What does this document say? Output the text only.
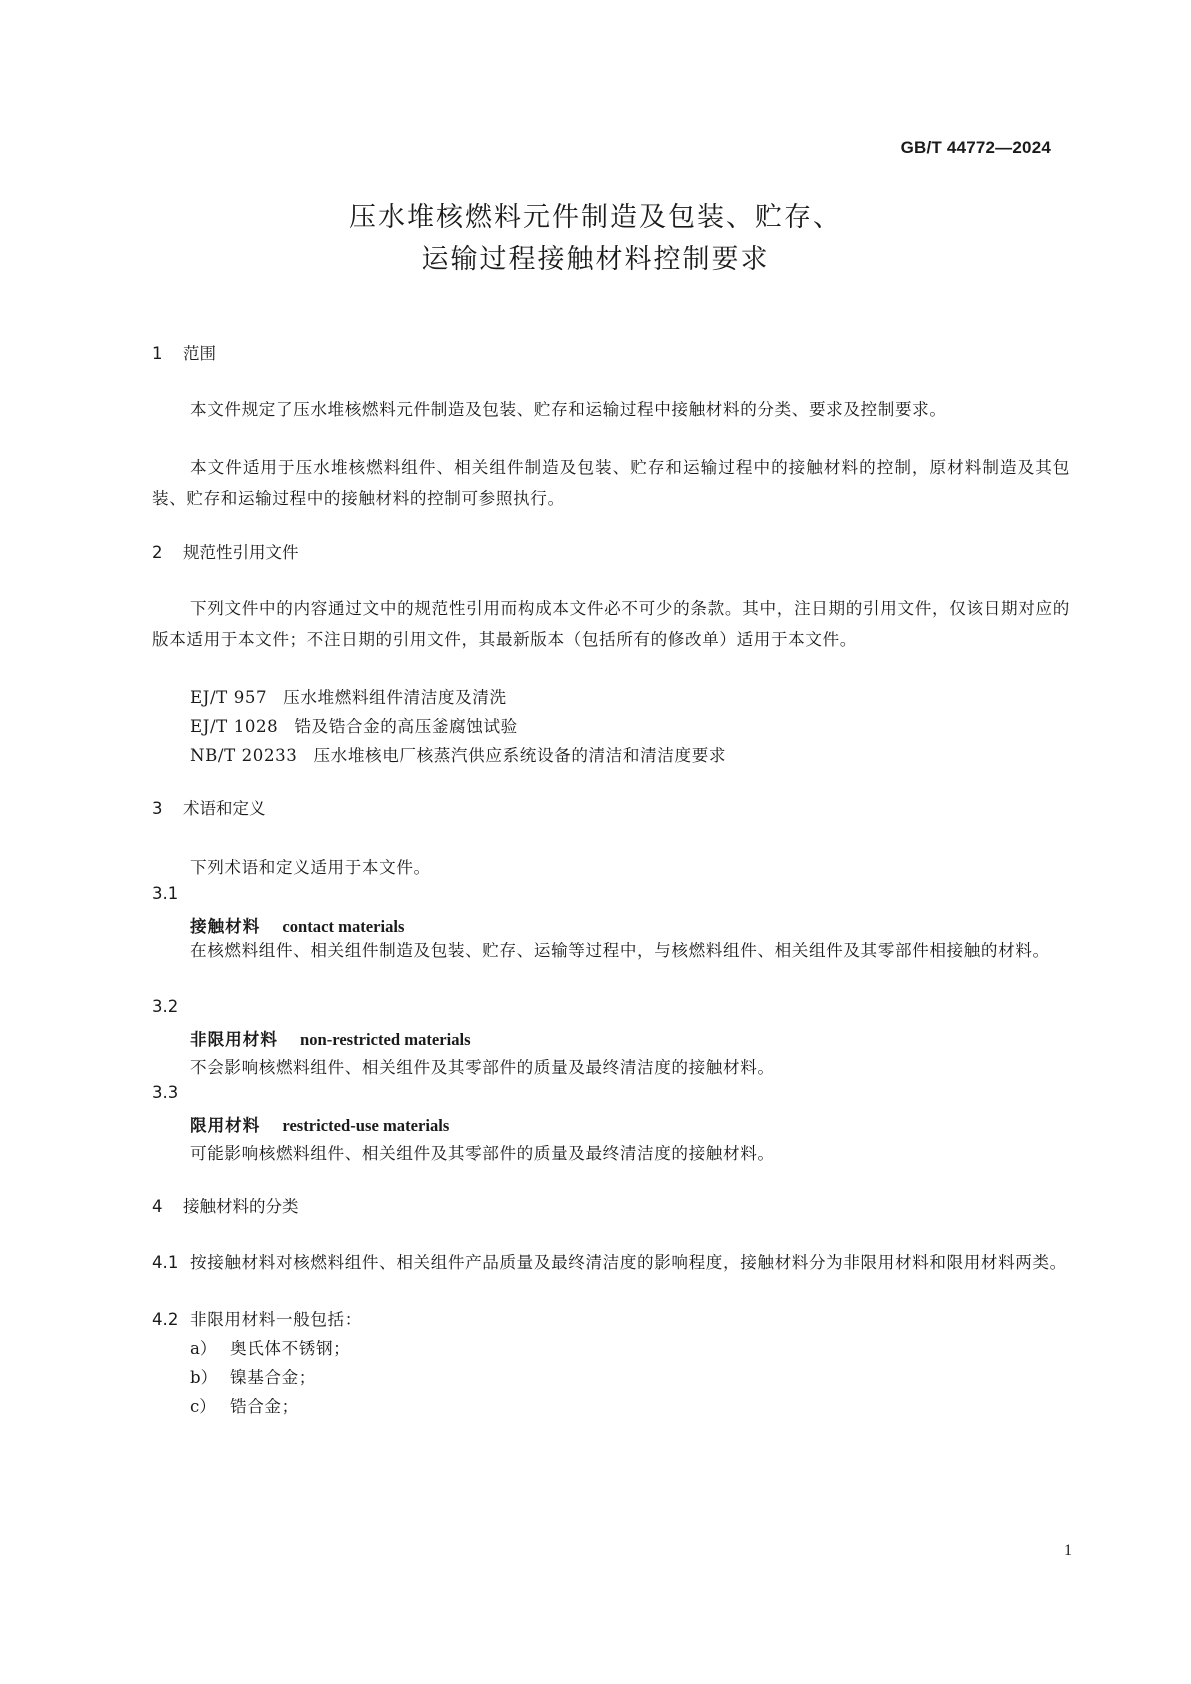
GB/T 44772—2024
压水堆核燃料元件制造及包装、贮存、
运输过程接触材料控制要求
1 范围
本文件规定了压水堆核燃料元件制造及包装、贮存和运输过程中接触材料的分类、要求及控制要求。
本文件适用于压水堆核燃料组件、相关组件制造及包装、贮存和运输过程中的接触材料的控制，原材料制造及其包装、贮存和运输过程中的接触材料的控制可参照执行。
2 规范性引用文件
下列文件中的内容通过文中的规范性引用而构成本文件必不可少的条款。其中，注日期的引用文件，仅该日期对应的版本适用于本文件；不注日期的引用文件，其最新版本（包括所有的修改单）适用于本文件。
EJ/T 957 压水堆燃料组件清洁度及清洗
EJ/T 1028 锆及锆合金的高压釜腐蚀试验
NB/T 20233 压水堆核电厂核蒸汽供应系统设备的清洁和清洁度要求
3 术语和定义
下列术语和定义适用于本文件。
3.1
接触材料 contact materials
在核燃料组件、相关组件制造及包装、贮存、运输等过程中，与核燃料组件、相关组件及其零部件相接触的材料。
3.2
非限用材料 non-restricted materials
不会影响核燃料组件、相关组件及其零部件的质量及最终清洁度的接触材料。
3.3
限用材料 restricted-use materials
可能影响核燃料组件、相关组件及其零部件的质量及最终清洁度的接触材料。
4 接触材料的分类
4.1 按接触材料对核燃料组件、相关组件产品质量及最终清洁度的影响程度，接触材料分为非限用材料和限用材料两类。
4.2 非限用材料一般包括：
a） 奥氏体不锈钢；
b） 镍基合金；
c） 锆合金；
1
